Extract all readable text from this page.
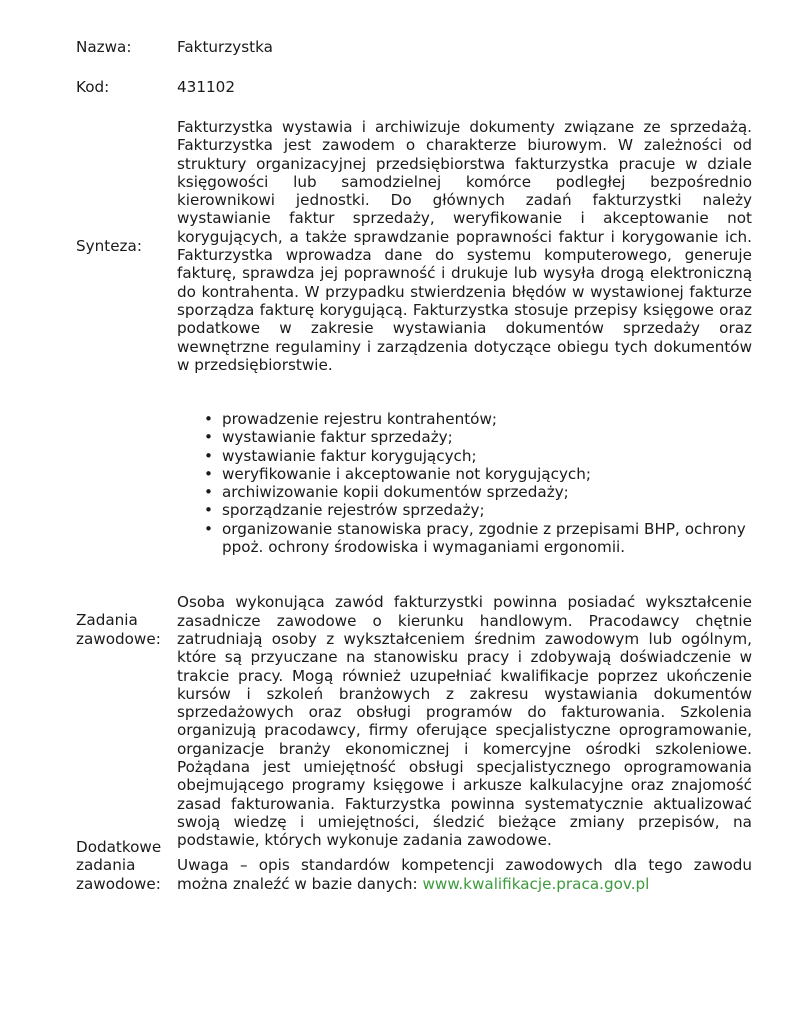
Nazwa:	Fakturzystka
Kod:	431102
Synteza:
Fakturzystka wystawia i archiwizuje dokumenty związane ze sprzedażą. Fakturzystka jest zawodem o charakterze biurowym. W zależności od struktury organizacyjnej przedsiębiorstwa fakturzystka pracuje w dziale księgowości lub samodzielnej komórce podległej bezpośrednio kierownikowi jednostki. Do głównych zadań fakturzystki należy wystawianie faktur sprzedaży, weryfikowanie i akceptowanie not korygujących, a także sprawdzanie poprawności faktur i korygowanie ich. Fakturzystka wprowadza dane do systemu komputerowego, generuje fakturę, sprawdza jej poprawność i drukuje lub wysyła drogą elektroniczną do kontrahenta. W przypadku stwierdzenia błędów w wystawionej fakturze sporządza fakturę korygującą. Fakturzystka stosuje przepisy księgowe oraz podatkowe w zakresie wystawiania dokumentów sprzedaży oraz wewnętrzne regulaminy i zarządzenia dotyczące obiegu tych dokumentów w przedsiębiorstwie.
Zadania
zawodowe:
• prowadzenie rejestru kontrahentów;
• wystawianie faktur sprzedaży;
• wystawianie faktur korygujących;
• weryfikowanie i akceptowanie not korygujących;
• archiwizowanie kopii dokumentów sprzedaży;
• sporządzanie rejestrów sprzedaży;
• organizowanie stanowiska pracy, zgodnie z przepisami BHP, ochrony ppoż. ochrony środowiska i wymaganiami ergonomii.
Osoba wykonująca zawód fakturzystki powinna posiadać wykształcenie zasadnicze zawodowe o kierunku handlowym. Pracodawcy chętnie zatrudniają osoby z wykształceniem średnim zawodowym lub ogólnym, które są przyuczane na stanowisku pracy i zdobywają doświadczenie w trakcie pracy. Mogą również uzupełniać kwalifikacje poprzez ukończenie kursów i szkoleń branżowych z zakresu wystawiania dokumentów sprzedażowych oraz obsługi programów do fakturowania. Szkolenia organizują pracodawcy, firmy oferujące specjalistyczne oprogramowanie, organizacje branży ekonomicznej i komercyjne ośrodki szkoleniowe. Pożądana jest umiejętność obsługi specjalistycznego oprogramowania obejmującego programy księgowe i arkusze kalkulacyjne oraz znajomość zasad fakturowania. Fakturzystka powinna systematycznie aktualizować swoją wiedzę i umiejętności, śledzić bieżące zmiany przepisów, na podstawie, których wykonuje zadania zawodowe.
Dodatkowe
zadania
zawodowe:
Uwaga – opis standardów kompetencji zawodowych dla tego zawodu można znaleźć w bazie danych: www.kwalifikacje.praca.gov.pl
